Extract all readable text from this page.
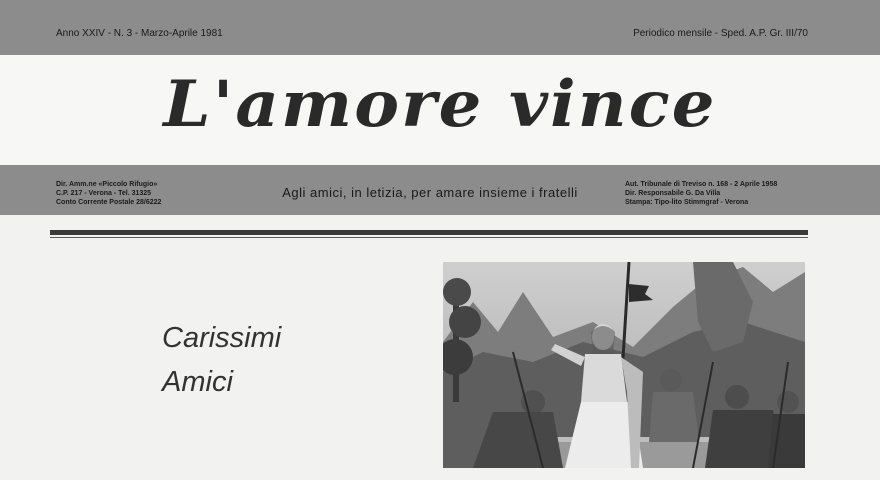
Anno XXIV - N. 3 - Marzo-Aprile 1981	Periodico mensile - Sped. A.P. Gr. III/70
L'amore vince
Dir. Amm.ne «Piccolo Rifugio»
C.P. 217 - Verona - Tel. 31325
Conto Corrente Postale 28/6222
Agli amici, in letizia, per amare insieme i fratelli
Aut. Tribunale di Treviso n. 168 - 2 Aprile 1958
Dir. Responsabile G. Da Villa
Stampa: Tipo-lito Stimmgraf - Verona
Carissimi
Amici
